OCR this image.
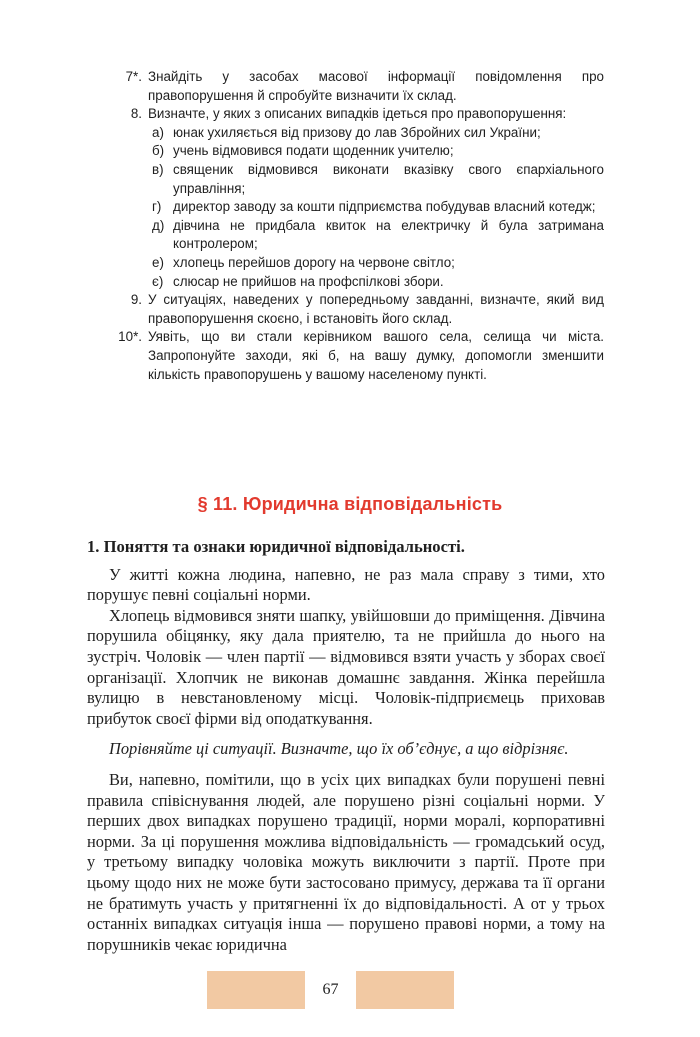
7*. Знайдіть у засобах масової інформації повідомлення про правопорушення й спробуйте визначити їх склад.
8. Визначте, у яких з описаних випадків ідеться про правопорушення:
а) юнак ухиляється від призову до лав Збройних сил України;
б) учень відмовився подати щоденник учителю;
в) священик відмовився виконати вказівку свого єпархіального управління;
г) директор заводу за кошти підприємства побудував власний котедж;
д) дівчина не придбала квиток на електричку й була затримана контролером;
е) хлопець перейшов дорогу на червоне світло;
є) слюсар не прийшов на профспілкові збори.
9. У ситуаціях, наведених у попередньому завданні, визначте, який вид правопорушення скоєно, і встановіть його склад.
10*. Уявіть, що ви стали керівником вашого села, селища чи міста. Запропонуйте заходи, які б, на вашу думку, допомогли зменшити кількість правопорушень у вашому населеному пункті.
§ 11. Юридична відповідальність

1. Поняття та ознаки юридичної відповідальності.

У житті кожна людина, напевно, не раз мала справу з тими, хто порушує певні соціальні норми.

Хлопець відмовився зняти шапку, увійшовши до приміщення. Дівчина порушила обіцянку, яку дала приятелю, та не прийшла до нього на зустріч. Чоловік — член партії — відмовився взяти участь у зборах своєї організації. Хлопчик не виконав домашнє завдання. Жінка перейшла вулицю в невстановленому місці. Чоловік-підприємець приховав прибуток своєї фірми від оподаткування.

Порівняйте ці ситуації. Визначте, що їх об’єднує, а що відрізняє.

Ви, напевно, помітили, що в усіх цих випадках були порушені певні правила співіснування людей, але порушено різні соціальні норми. У перших двох випадках порушено традиції, норми моралі, корпоративні норми. За ці порушення можлива відповідальність — громадський осуд, у третьому випадку чоловіка можуть виключити з партії. Проте при цьому щодо них не може бути застосовано примусу, держава та її органи не братимуть участь у притягненні їх до відповідальності. А от у трьох останніх випадках ситуація інша — порушено правові норми, а тому на порушників чекає юридична

67
